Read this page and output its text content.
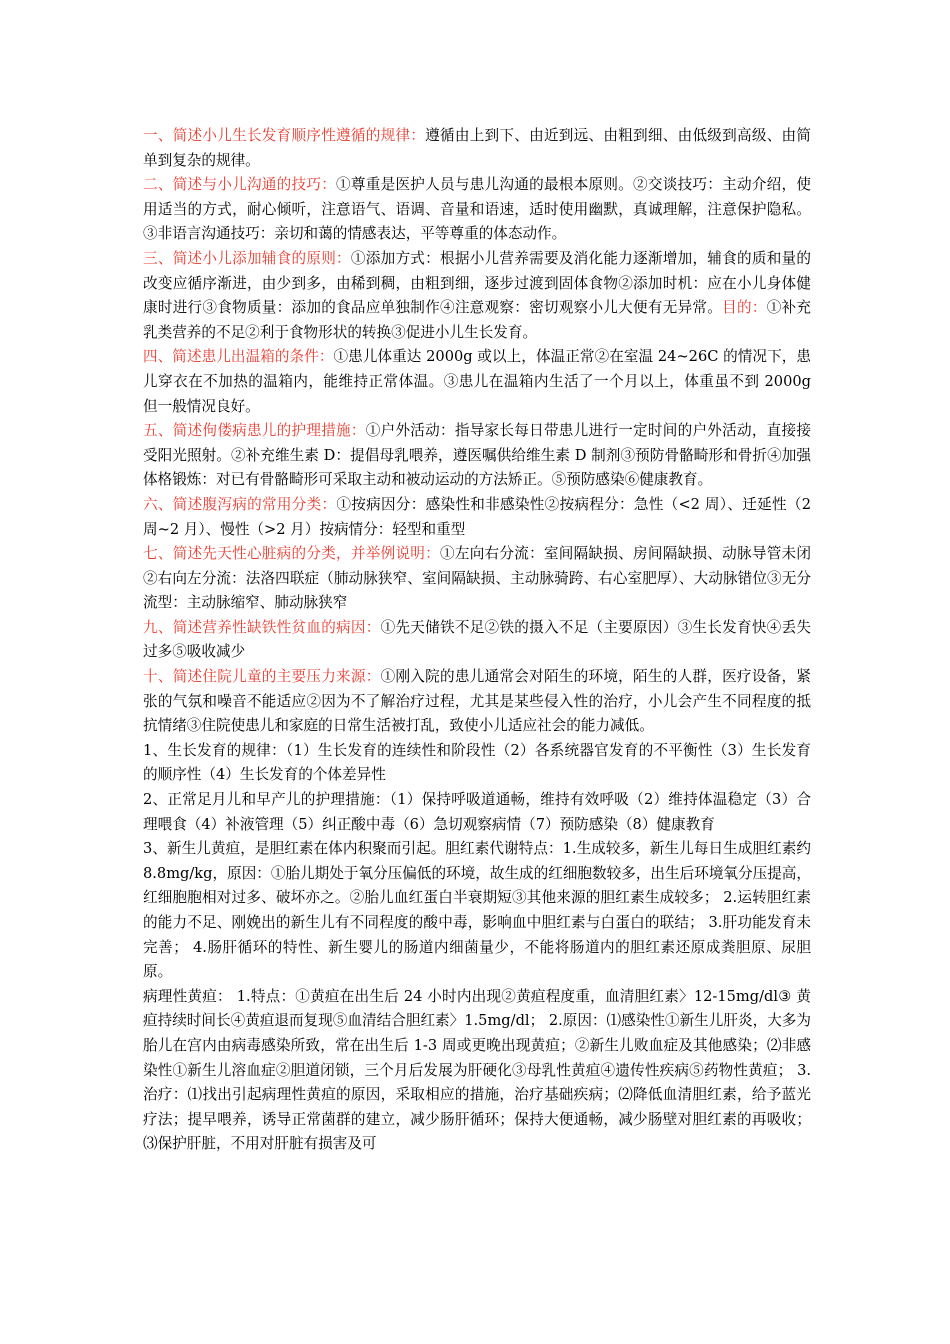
一、简述小儿生长发育顺序性遵循的规律：遵循由上到下、由近到远、由粗到细、由低级到高级、由简单到复杂的规律。

二、简述与小儿沟通的技巧：①尊重是医护人员与患儿沟通的最根本原则。②交谈技巧：主动介绍，使用适当的方式，耐心倾听，注意语气、语调、音量和语速，适时使用幽默，真诚理解，注意保护隐私。③非语言沟通技巧：亲切和蔼的情感表达，平等尊重的体态动作。

三、简述小儿添加辅食的原则：①添加方式：根据小儿营养需要及消化能力逐渐增加，辅食的质和量的改变应循序渐进，由少到多，由稀到稠，由粗到细，逐步过渡到固体食物②添加时机：应在小儿身体健康时进行③食物质量：添加的食品应单独制作④注意观察：密切观察小儿大便有无异常。目的：①补充乳类营养的不足②利于食物形状的转换③促进小儿生长发育。

四、简述患儿出温箱的条件：①患儿体重达 2000g 或以上，体温正常②在室温 24~26C 的情况下，患儿穿衣在不加热的温箱内，能维持正常体温。③患儿在温箱内生活了一个月以上，体重虽不到 2000g 但一般情况良好。

五、简述佝偻病患儿的护理措施：①户外活动：指导家长每日带患儿进行一定时间的户外活动，直接接受阳光照射。②补充维生素 D：提倡母乳喂养，遵医嘱供给维生素 D 制剂③预防骨骼畸形和骨折④加强体格锻炼：对已有骨骼畸形可采取主动和被动运动的方法矫正。⑤预防感染⑥健康教育。

六、简述腹泻病的常用分类：①按病因分：感染性和非感染性②按病程分：急性（<2 周）、迁延性（2 周~2 月）、慢性（>2 月）按病情分：轻型和重型

七、简述先天性心脏病的分类，并举例说明：①左向右分流：室间隔缺损、房间隔缺损、动脉导管未闭②右向左分流：法洛四联症（肺动脉狭窄、室间隔缺损、主动脉骑跨、右心室肥厚）、大动脉错位③无分流型：主动脉缩窄、肺动脉狭窄

九、简述营养性缺铁性贫血的病因：①先天储铁不足②铁的摄入不足（主要原因）③生长发育快④丢失过多⑤吸收减少

十、简述住院儿童的主要压力来源：①刚入院的患儿通常会对陌生的环境，陌生的人群，医疗设备，紧张的气氛和噪音不能适应②因为不了解治疗过程，尤其是某些侵入性的治疗，小儿会产生不同程度的抵抗情绪③住院使患儿和家庭的日常生活被打乱，致使小儿适应社会的能力减低。

1、生长发育的规律：（1）生长发育的连续性和阶段性（2）各系统器官发育的不平衡性（3）生长发育的顺序性（4）生长发育的个体差异性

2、正常足月儿和早产儿的护理措施：（1）保持呼吸道通畅，维持有效呼吸（2）维持体温稳定（3）合理喂食（4）补液管理（5）纠正酸中毒（6）急切观察病情（7）预防感染（8）健康教育

3、新生儿黄疸，是胆红素在体内积聚而引起。胆红素代谢特点：1.生成较多，新生儿每日生成胆红素约 8.8mg/kg，原因：①胎儿期处于氧分压偏低的环境，故生成的红细胞数较多，出生后环境氧分压提高，红细胞胞相对过多、破坏亦之。②胎儿血红蛋白半衰期短③其他来源的胆红素生成较多； 2.运转胆红素的能力不足、刚娩出的新生儿有不同程度的酸中毒，影响血中胆红素与白蛋白的联结； 3.肝功能发育未完善； 4.肠肝循环的特性、新生婴儿的肠道内细菌量少，不能将肠道内的胆红素还原成粪胆原、尿胆原。

病理性黄疸： 1.特点：①黄疸在出生后 24 小时内出现②黄疸程度重，血清胆红素〉12-15mg/dl③ 黄疸持续时间长④黄疸退而复现⑤血清结合胆红素〉1.5mg/dl； 2.原因：⑴感染性①新生儿肝炎，大多为胎儿在宫内由病毒感染所致，常在出生后 1-3 周或更晚出现黄疸；②新生儿败血症及其他感染；⑵非感染性①新生儿溶血症②胆道闭锁，三个月后发展为肝硬化③母乳性黄疸④遗传性疾病⑤药物性黄疸； 3.治疗：⑴找出引起病理性黄疸的原因，采取相应的措施，治疗基础疾病；⑵降低血清胆红素，给予蓝光疗法；提早喂养，诱导正常菌群的建立，减少肠肝循环；保持大便通畅，减少肠壁对胆红素的再吸收；⑶保护肝脏，不用对肝脏有损害及可
